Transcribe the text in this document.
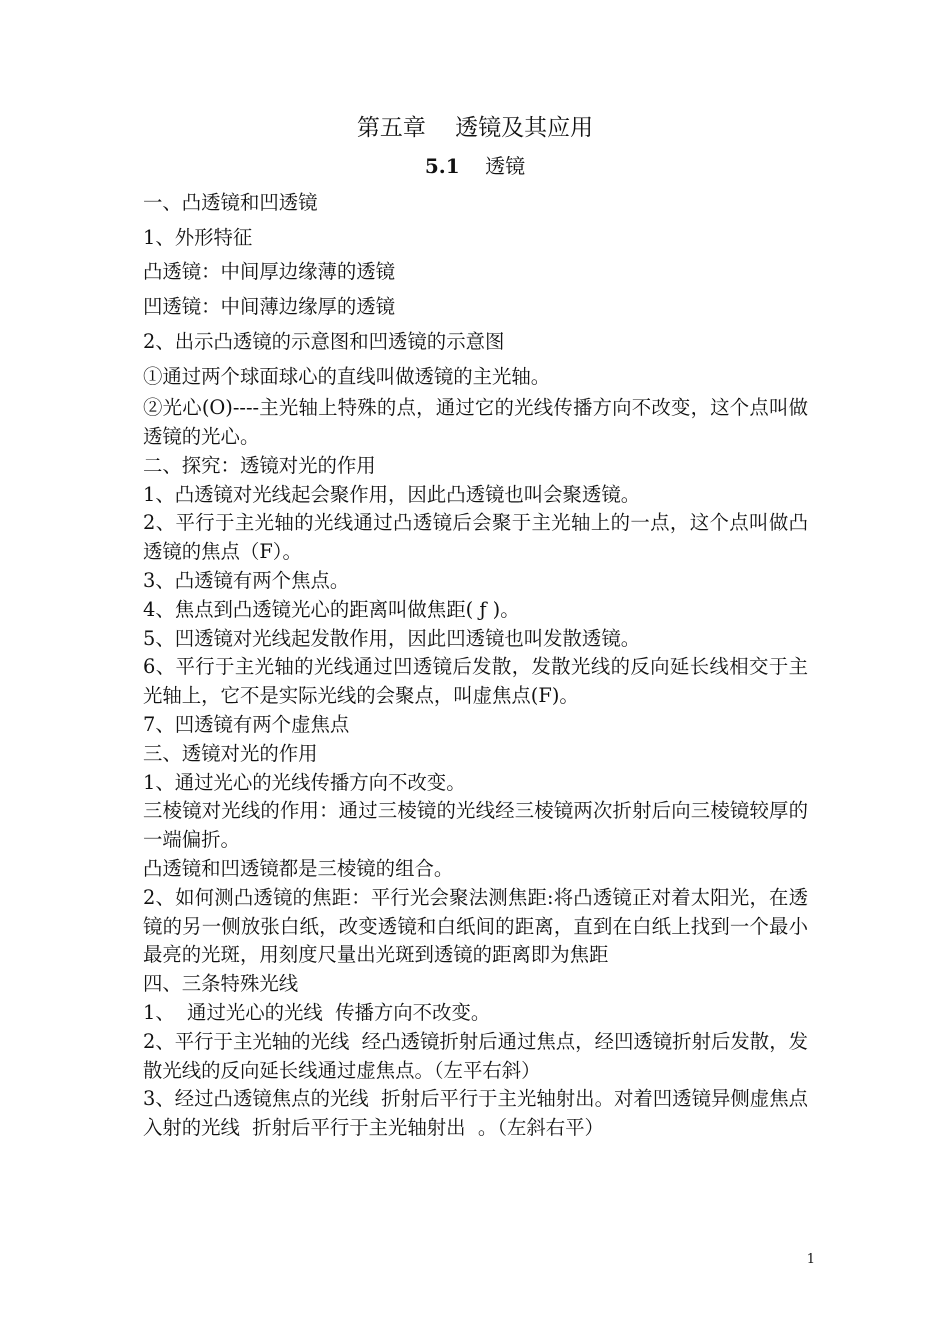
第五章    透镜及其应用
5.1 透镜

一、凸透镜和凹透镜

1、外形特征

凸透镜：中间厚边缘薄的透镜

凹透镜：中间薄边缘厚的透镜

2、出示凸透镜的示意图和凹透镜的示意图

①通过两个球面球心的直线叫做透镜的主光轴。

②光心(O)----主光轴上特殊的点，通过它的光线传播方向不改变，这个点叫做透镜的光心。

二、探究：透镜对光的作用

1、凸透镜对光线起会聚作用，因此凸透镜也叫会聚透镜。

2、平行于主光轴的光线通过凸透镜后会聚于主光轴上的一点，这个点叫做凸透镜的焦点（F）。

3、凸透镜有两个焦点。

4、焦点到凸透镜光心的距离叫做焦距( ƒ )。

5、凹透镜对光线起发散作用，因此凹透镜也叫发散透镜。

6、平行于主光轴的光线通过凹透镜后发散，发散光线的反向延长线相交于主光轴上，它不是实际光线的会聚点，叫虚焦点(F)。

7、凹透镜有两个虚焦点

三、透镜对光的作用

1、通过光心的光线传播方向不改变。

三棱镜对光线的作用：通过三棱镜的光线经三棱镜两次折射后向三棱镜较厚的一端偏折。

凸透镜和凹透镜都是三棱镜的组合。

2、如何测凸透镜的焦距：平行光会聚法测焦距:将凸透镜正对着太阳光，在透镜的另一侧放张白纸，改变透镜和白纸间的距离，直到在白纸上找到一个最小最亮的光斑，用刻度尺量出光斑到透镜的距离即为焦距

四、三条特殊光线

1、  通过光心的光线  传播方向不改变。

2、平行于主光轴的光线  经凸透镜折射后通过焦点，经凹透镜折射后发散，发散光线的反向延长线通过虚焦点。（左平右斜）

3、经过凸透镜焦点的光线  折射后平行于主光轴射出。对着凹透镜异侧虚焦点入射的光线  折射后平行于主光轴射出  。（左斜右平）

1
